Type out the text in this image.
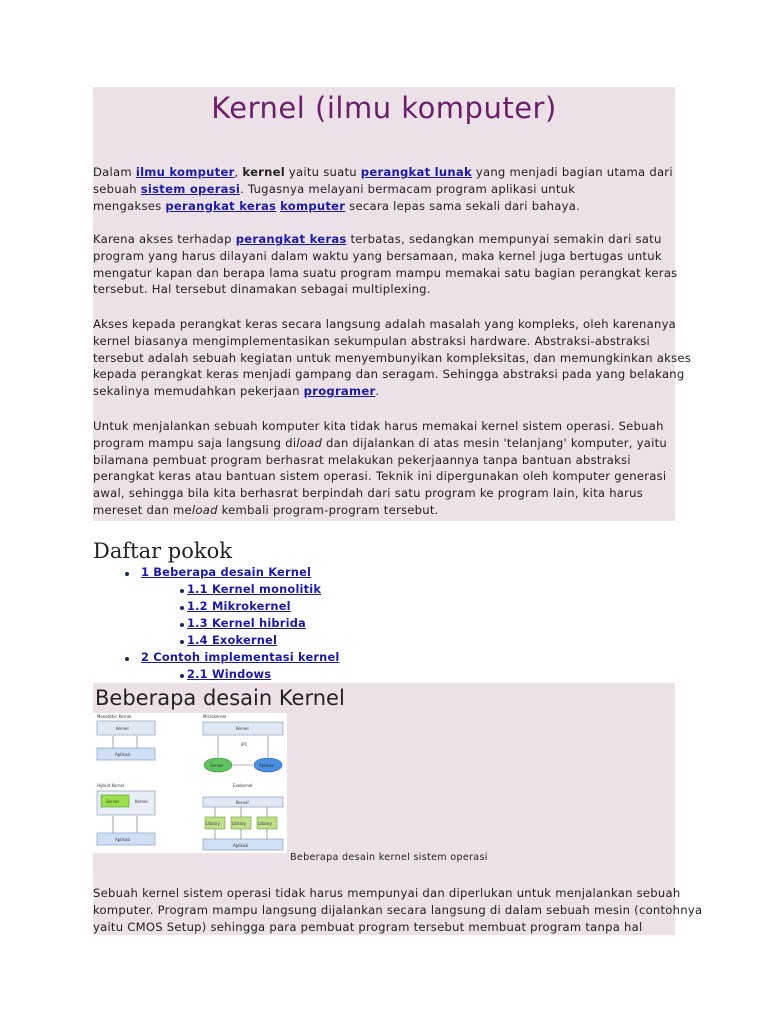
Kernel (ilmu komputer)
Dalam ilmu komputer, kernel yaitu suatu perangkat lunak yang menjadi bagian utama dari
sebuah sistem operasi. Tugasnya melayani bermacam program aplikasi untuk
mengakses perangkat keras komputer secara lepas sama sekali dari bahaya.
Karena akses terhadap perangkat keras terbatas, sedangkan mempunyai semakin dari satu
program yang harus dilayani dalam waktu yang bersamaan, maka kernel juga bertugas untuk
mengatur kapan dan berapa lama suatu program mampu memakai satu bagian perangkat keras
tersebut. Hal tersebut dinamakan sebagai multiplexing.
Akses kepada perangkat keras secara langsung adalah masalah yang kompleks, oleh karenanya
kernel biasanya mengimplementasikan sekumpulan abstraksi hardware. Abstraksi-abstraksi
tersebut adalah sebuah kegiatan untuk menyembunyikan kompleksitas, dan memungkinkan akses
kepada perangkat keras menjadi gampang dan seragam. Sehingga abstraksi pada yang belakang
sekalinya memudahkan pekerjaan programer.
Untuk menjalankan sebuah komputer kita tidak harus memakai kernel sistem operasi. Sebuah
program mampu saja langsung diload dan dijalankan di atas mesin 'telanjang' komputer, yaitu
bilamana pembuat program berhasrat melakukan pekerjaannya tanpa bantuan abstraksi
perangkat keras atau bantuan sistem operasi. Teknik ini dipergunakan oleh komputer generasi
awal, sehingga bila kita berhasrat berpindah dari satu program ke program lain, kita harus
mereset dan meload kembali program-program tersebut.
Daftar pokok
1 Beberapa desain Kernel
1.1 Kernel monolitik
1.2 Mikrokernel
1.3 Kernel hibrida
1.4 Exokernel
2 Contoh implementasi kernel
2.1 Windows
Beberapa desain Kernel
Monolithic Kernel
Kernel
Aplikasi
Microkernel
Kernel
IPC
Server	Aplikasi
Hybrid Kernel
Server	Kernel
Aplikasi
Exokernel
Kernel
Library	Library	Library
Aplikasi
Beberapa desain kernel sistem operasi
Sebuah kernel sistem operasi tidak harus mempunyai dan diperlukan untuk menjalankan sebuah
komputer. Program mampu langsung dijalankan secara langsung di dalam sebuah mesin (contohnya
yaitu CMOS Setup) sehingga para pembuat program tersebut membuat program tanpa hal
